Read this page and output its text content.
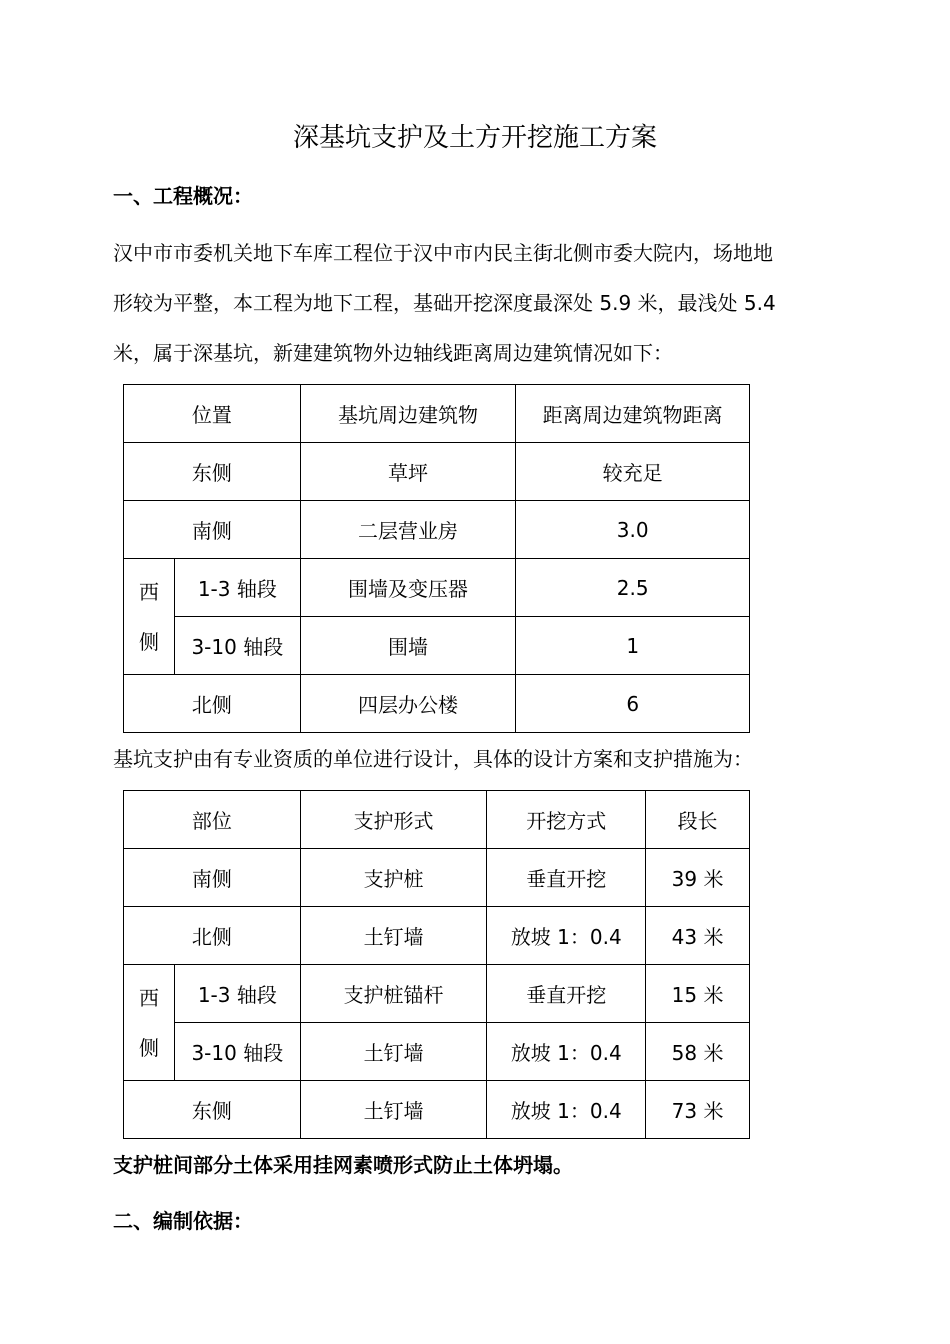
深基坑支护及土方开挖施工方案
一、工程概况：
汉中市市委机关地下车库工程位于汉中市内民主街北侧市委大院内，场地地
形较为平整，本工程为地下工程，基础开挖深度最深处 5.9 米，最浅处 5.4
米，属于深基坑，新建建筑物外边轴线距离周边建筑情况如下：
位置		基坑周边建筑物	距离周边建筑物距离
东侧		草坪	较充足
南侧		二层营业房	3.0
西
侧	1-3 轴段	围墙及变压器	2.5
	3-10 轴段	围墙	1
北侧		四层办公楼	6
基坑支护由有专业资质的单位进行设计，具体的设计方案和支护措施为：
部位		支护形式	开挖方式	段长
南侧		支护桩	垂直开挖	39 米
北侧		土钉墙	放坡 1：0.4	43 米
西
侧	1-3 轴段	支护桩锚杆	垂直开挖	15 米
	3-10 轴段	土钉墙	放坡 1：0.4	58 米
东侧		土钉墙	放坡 1：0.4	73 米
支护桩间部分土体采用挂网素喷形式防止土体坍塌。
二、编制依据：
